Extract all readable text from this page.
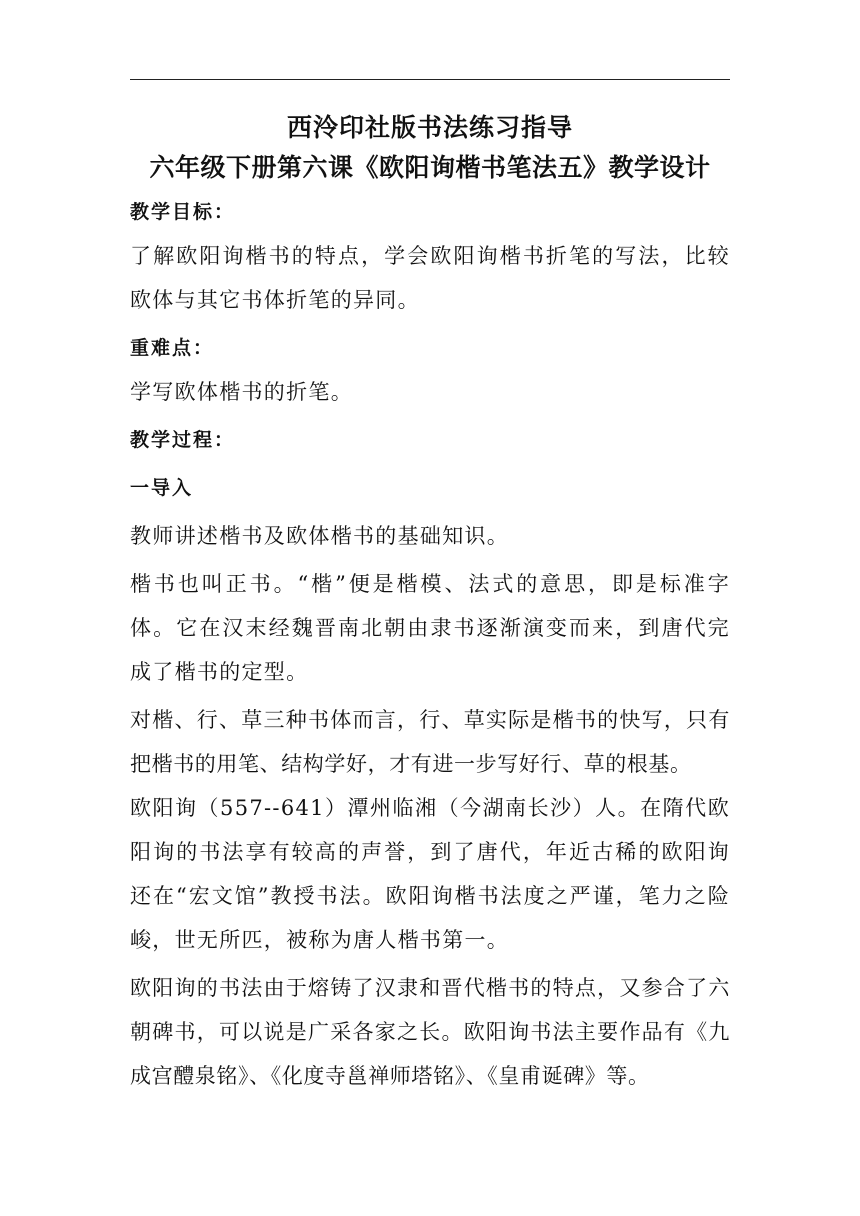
西泠印社版书法练习指导
六年级下册第六课《欧阳询楷书笔法五》教学设计
教学目标：

了解欧阳询楷书的特点，学会欧阳询楷书折笔的写法，比较欧体与其它书体折笔的异同。

重难点：

学写欧体楷书的折笔。

教学过程：
一导入

教师讲述楷书及欧体楷书的基础知识。

楷书也叫正书。“楷”便是楷模、法式的意思，即是标准字体。它在汉末经魏晋南北朝由隶书逐渐演变而来，到唐代完成了楷书的定型。

对楷、行、草三种书体而言，行、草实际是楷书的快写，只有把楷书的用笔、结构学好，才有进一步写好行、草的根基。

欧阳询（557--641）潭州临湘（今湖南长沙）人。在隋代欧阳询的书法享有较高的声誉，到了唐代，年近古稀的欧阳询还在“宏文馆”教授书法。欧阳询楷书法度之严谨，笔力之险峻，世无所匹，被称为唐人楷书第一。

欧阳询的书法由于熔铸了汉隶和晋代楷书的特点，又参合了六朝碑书，可以说是广采各家之长。欧阳询书法主要作品有《九成宫醴泉铭》、《化度寺邕禅师塔铭》、《皇甫诞碑》等。
